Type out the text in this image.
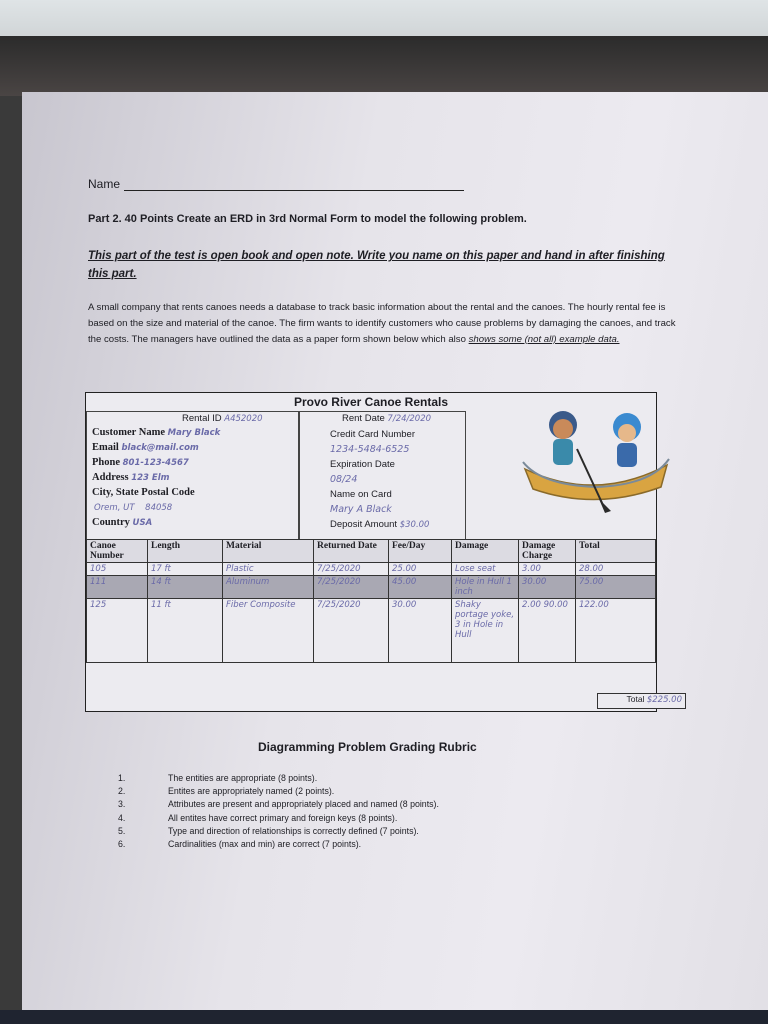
Name
Part 2. 40 Points Create an ERD in 3rd Normal Form to model the following problem.
This part of the test is open book and open note. Write you name on this paper and hand in after finishing this part.
A small company that rents canoes needs a database to track basic information about the rental and the canoes. The hourly rental fee is based on the size and material of the canoe. The firm wants to identify customers who cause problems by damaging the canoes, and track the costs. The managers have outlined the data as a paper form shown below which also shows some (not all) example data.
Provo River Canoe Rentals
Rental ID A452020	Rent Date 7/24/2020
Customer Name Mary Black
Email black@mail.com
Phone 801-123-4567
Address 123 Elm
City, State Postal Code
Orem, UT 84058
Country USA
Credit Card Number
1234-5484-6525
Expiration Date
08/24
Name on Card
Mary A Black
Deposit Amount $30.00
Canoe Number	Length	Material	Returned Date	Fee/Day	Damage	Damage Charge	Total
105	17 ft	Plastic	7/25/2020	25.00	Lose seat	3.00	28.00
111	14 ft	Aluminum	7/25/2020	45.00	Hole in Hull 1 inch	30.00	75.00
125	11 ft	Fiber Composite	7/25/2020	30.00	Shaky portage yoke, 3 in Hole in Hull	2.00 90.00	122.00
Total $225.00
Diagramming Problem Grading Rubric
1.	The entities are appropriate (8 points).
2.	Entites are appropriately named (2 points).
3.	Attributes are present and appropriately placed and named (8 points).
4.	All entites have correct primary and foreign keys (8 points).
5.	Type and direction of relationships is correctly defined (7 points).
6.	Cardinalities (max and min) are correct (7 points).
